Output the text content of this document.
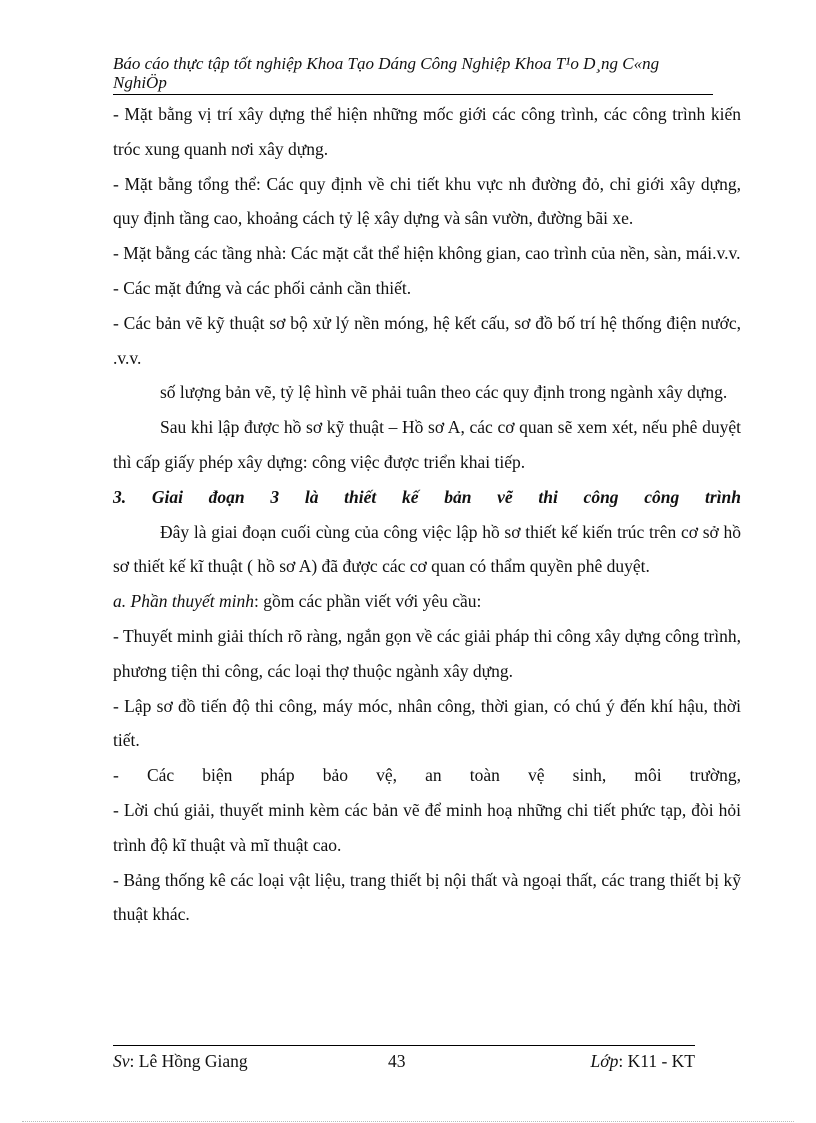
Báo cáo thực tập tốt nghiệp Khoa Tạo Dáng Công Nghiệp Khoa T¹o D¸ng C«ng NghiÖp

- Mặt bằng vị trí xây dựng thể hiện những mốc giới các công trình, các công trình kiến tróc xung quanh nơi xây dựng.

- Mặt bằng tổng thể: Các quy định về chi tiết khu vực nh đường đỏ, chỉ giới xây dựng, quy định tầng cao, khoảng cách tỷ lệ xây dựng và sân vườn, đường bãi xe.

- Mặt bằng các tầng nhà: Các mặt cắt thể hiện không gian, cao trình của nền, sàn, mái.v.v.

- Các mặt đứng và các phối cảnh cần thiết.

- Các bản vẽ kỹ thuật sơ bộ xử lý nền móng, hệ kết cấu, sơ đồ bố trí hệ thống điện nước, .v.v.

số lượng bản vẽ, tỷ lệ hình vẽ phải tuân theo các quy định trong ngành xây dựng.

Sau khi lập được hồ sơ kỹ thuật – Hồ sơ A, các cơ quan sẽ xem xét, nếu phê duyệt thì cấp giấy phép xây dựng: công việc được triển khai tiếp.

3. Giai đoạn 3 là thiết kế bản vẽ thi công công trình

Đây là giai đoạn cuối cùng của công việc lập hồ sơ thiết kế kiến trúc trên cơ sở hồ sơ thiết kế kĩ thuật ( hồ sơ A) đã được các cơ quan có thẩm quyền phê duyệt.

a. Phần thuyết minh: gồm các phần viết với yêu cầu:

- Thuyết minh giải thích rõ ràng, ngắn gọn về các giải pháp thi công xây dựng công trình, phương tiện thi công, các loại thợ thuộc ngành xây dựng.

- Lập sơ đồ tiến độ thi công, máy móc, nhân công, thời gian, có chú ý đến khí hậu, thời tiết.

- Các biện pháp bảo vệ, an toàn vệ sinh, môi trường,

- Lời chú giải, thuyết minh kèm các bản vẽ để minh hoạ những chi tiết phức tạp, đòi hỏi trình độ kĩ thuật và mĩ thuật cao.

- Bảng thống kê các loại vật liệu, trang thiết bị nội thất và ngoại thất, các trang thiết bị kỹ thuật khác.

Sv: Lê Hồng Giang	43	Lớp: K11 - KT
